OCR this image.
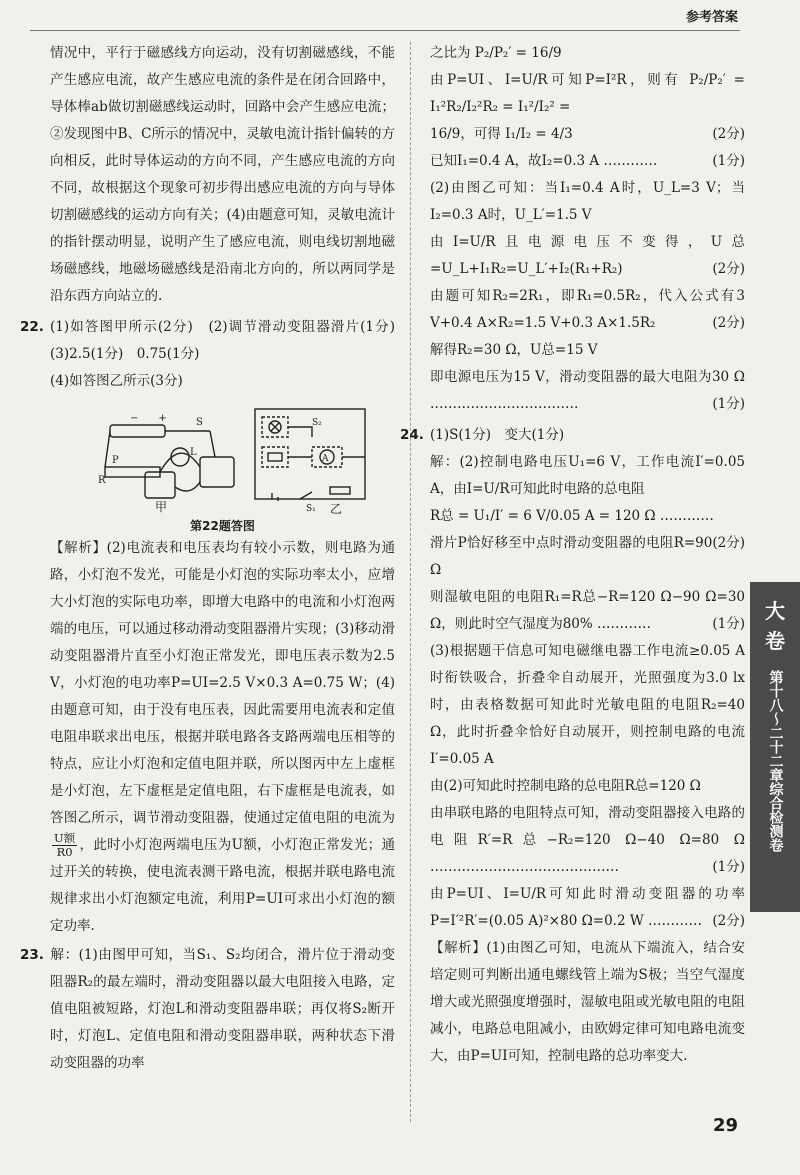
参考答案

情况中，平行于磁感线方向运动，没有切割磁感线，不能产生感应电流，故产生感应电流的条件是在闭合回路中，导体棒ab做切割磁感线运动时，回路中会产生感应电流；②发现图中B、C所示的情况中，灵敏电流计指针偏转的方向相反，此时导体运动的方向不同，产生感应电流的方向不同，故根据这个现象可初步得出感应电流的方向与导体切割磁感线的运动方向有关；(4)由题意可知，灵敏电流计的指针摆动明显，说明产生了感应电流，则电线切割地磁场磁感线，地磁场磁感线是沿南北方向的，所以两同学是沿东西方向站立的.

22. (1)如答图甲所示(2分)　(2)调节滑动变阻器滑片(1分)　(3)2.5(1分)　0.75(1分)

(4)如答图乙所示(3分)

−　　+	S
L
P
R
甲
A
S₂
S₁ 乙
第22题答图

【解析】(2)电流表和电压表均有较小示数，则电路为通路，小灯泡不发光，可能是小灯泡的实际功率太小，应增大小灯泡的实际电功率，即增大电路中的电流和小灯泡两端的电压，可以通过移动滑动变阻器滑片实现；(3)移动滑动变阻器滑片直至小灯泡正常发光，即电压表示数为2.5 V，小灯泡的电功率P=UI=2.5 V×0.3 A=0.75 W；(4)由题意可知，由于没有电压表，因此需要用电流表和定值电阻串联求出电压，根据并联电路各支路两端电压相等的特点，应让小灯泡和定值电阻并联，所以图丙中左上虚框是小灯泡，左下虚框是定值电阻，右下虚框是电流表，如答图乙所示，调节滑动变阻器，使通过定值电阻的电流为
$\frac{\text{U额}}{R0}$ ，此时小灯泡两端电压为U额，小灯泡正常发光；通过开关的转换，使电流表测干路电流，根据并联电路电流规律求出小灯泡额定电流，利用P=UI可求出小灯泡的额定功率.

23. 解：(1)由图甲可知，当S₁、S₂均闭合，滑片位于滑动变阻器R₂的最左端时，滑动变阻器以最大电阻接入电路，定值电阻被短路，灯泡L和滑动变阻器串联；再仅将S₂断开时，灯泡L、定值电阻和滑动变阻器串联，两种状态下滑动变阻器的功率

之比为 P₂/P₂′ = 16/9

由P=UI、I=U/R可知P=I²R，则有 P₂/P₂′ = I₁²R₂/I₂²R₂ = I₁²/I₂² =

16/9，可得 I₁/I₂ = 4/3	(2分)

已知I₁=0.4 A，故I₂=0.3 A …………	(1分)

(2)由图乙可知：当I₁=0.4 A时，U_L=3 V；当I₂=0.3 A时，U_L′=1.5 V

由I=U/R且电源电压不变得，U总=U_L+I₁R₂=U_L′+I₂(R₁+R₂)	(2分)

由题可知R₂=2R₁，即R₁=0.5R₂，代入公式有3 V+0.4 A×R₂=1.5 V+0.3 A×1.5R₂	(2分)

解得R₂=30 Ω，U总=15 V

即电源电压为15 V，滑动变阻器的最大电阻为30 Ω ……………………………	(1分)

24. (1)S(1分)　变大(1分)

解：(2)控制电路电压U₁=6 V，工作电流I′=0.05 A，由I=U/R可知此时电路的总电阻

R总 = U₁/I′ = 6 V/0.05 A = 120 Ω …………
(2分)

滑片P恰好移至中点时滑动变阻器的电阻R=90 Ω

则湿敏电阻的电阻R₁=R总−R=120 Ω−90 Ω=30 Ω，则此时空气湿度为80% …………	(1分)

(3)根据题干信息可知电磁继电器工作电流≥0.05 A时衔铁吸合，折叠伞自动展开，光照强度为3.0 lx时，由表格数据可知此时光敏电阻的电阻R₂=40 Ω，此时折叠伞恰好自动展开，则控制电路的电流I′=0.05 A

由(2)可知此时控制电路的总电阻R总=120 Ω

由串联电路的电阻特点可知，滑动变阻器接入电路的电阻R′=R总−R₂=120 Ω−40 Ω=80 Ω ……………………………………	(1分)

由P=UI、I=U/R可知此时滑动变阻器的功率P=I′²R′=(0.05 A)²×80 Ω=0.2 W ………… (2分)

【解析】(1)由图乙可知，电流从下端流入，结合安培定则可判断出通电螺线管上端为S极；当空气湿度增大或光照强度增强时，湿敏电阻或光敏电阻的电阻减小，电路总电阻减小，由欧姆定律可知电路电流变大，由P=UI可知，控制电路的总功率变大.

大
卷
第十八～二十二章综合检测卷
29
